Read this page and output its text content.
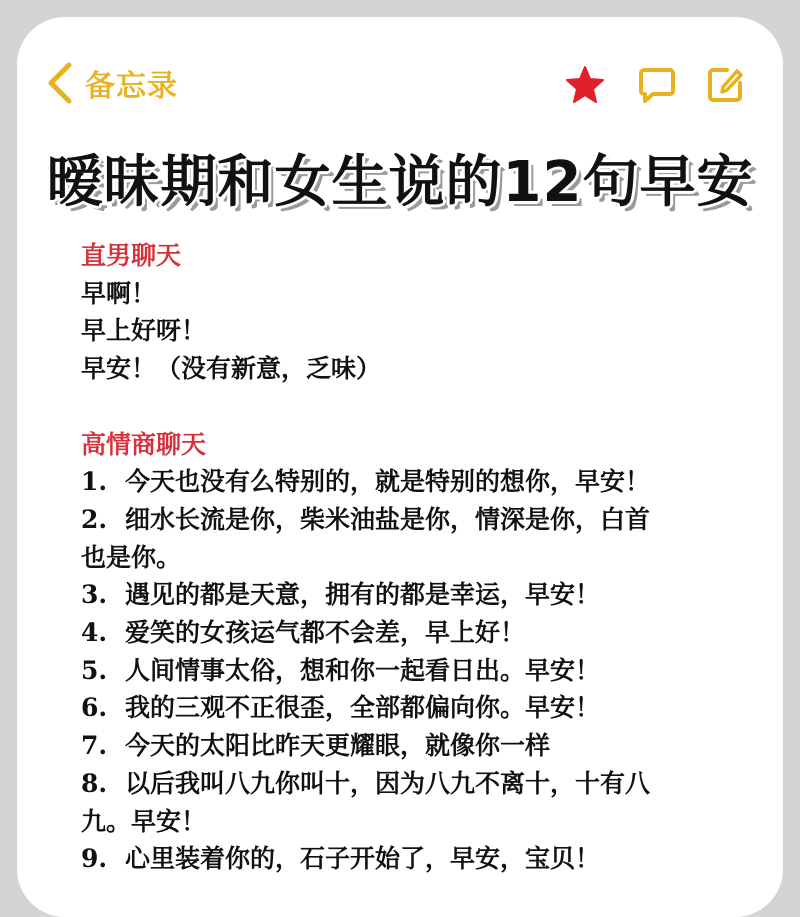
备忘录
暧昧期和女生说的12句早安
直男聊天
早啊！
早上好呀！
早安！（没有新意，乏味）
高情商聊天
1. 今天也没有么特别的，就是特别的想你，早安！
2. 细水长流是你，柴米油盐是你，情深是你，白首
也是你。
3. 遇见的都是天意，拥有的都是幸运，早安！
4. 爱笑的女孩运气都不会差，早上好！
5. 人间情事太俗，想和你一起看日出。早安！
6. 我的三观不正很歪，全部都偏向你。早安！
7. 今天的太阳比昨天更耀眼，就像你一样
8. 以后我叫八九你叫十，因为八九不离十，十有八
九。早安！
9. 心里装着你的，石子开始了，早安，宝贝！
